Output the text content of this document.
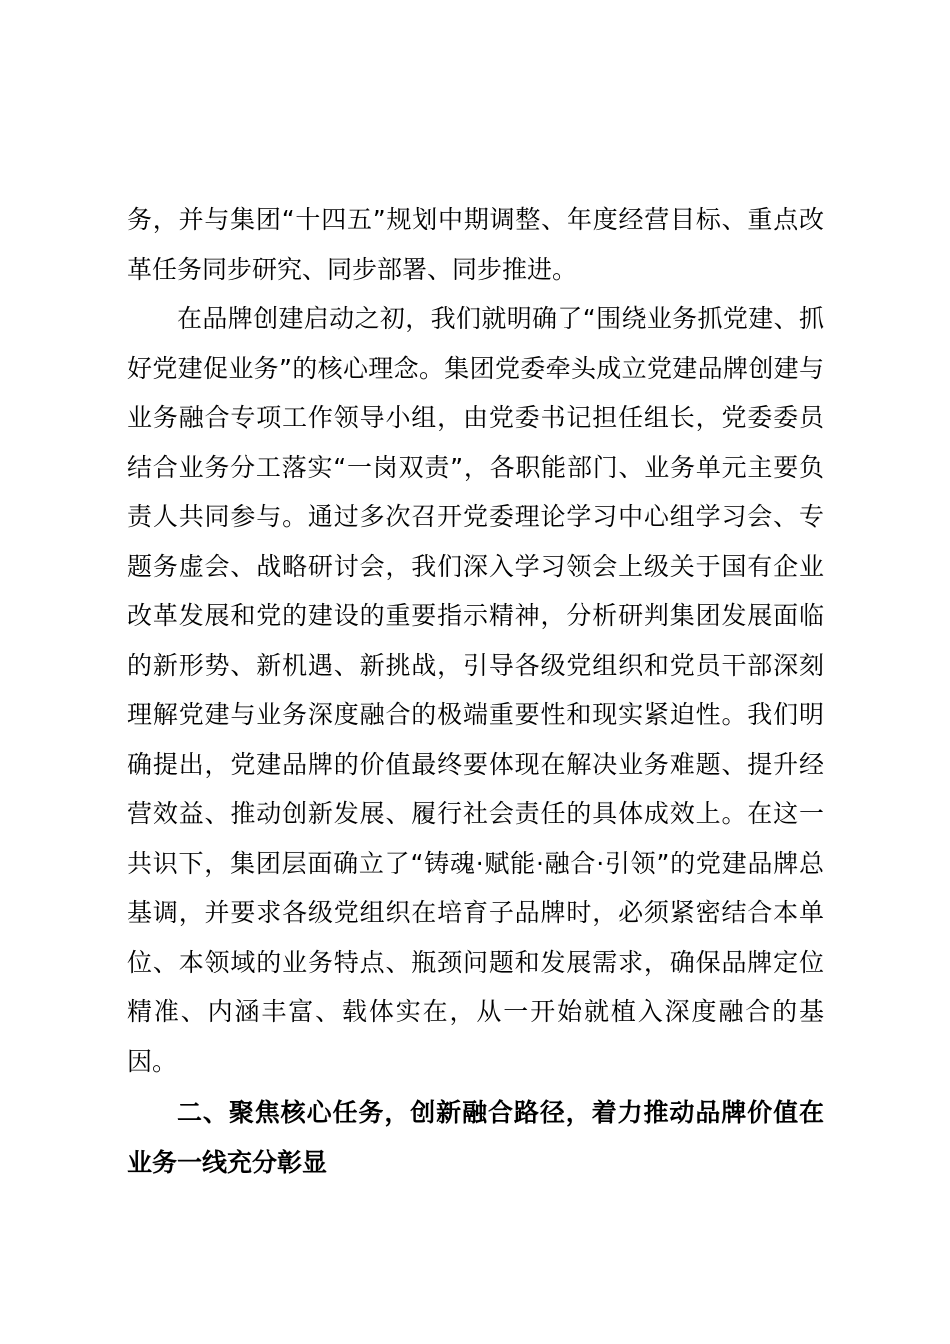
务，并与集团“十四五”规划中期调整、年度经营目标、重点改革任务同步研究、同步部署、同步推进。

在品牌创建启动之初，我们就明确了“围绕业务抓党建、抓好党建促业务”的核心理念。集团党委牵头成立党建品牌创建与业务融合专项工作领导小组，由党委书记担任组长，党委委员结合业务分工落实“一岗双责”，各职能部门、业务单元主要负责人共同参与。通过多次召开党委理论学习中心组学习会、专题务虚会、战略研讨会，我们深入学习领会上级关于国有企业改革发展和党的建设的重要指示精神，分析研判集团发展面临的新形势、新机遇、新挑战，引导各级党组织和党员干部深刻理解党建与业务深度融合的极端重要性和现实紧迫性。我们明确提出，党建品牌的价值最终要体现在解决业务难题、提升经营效益、推动创新发展、履行社会责任的具体成效上。在这一共识下，集团层面确立了“铸魂·赋能·融合·引领”的党建品牌总基调，并要求各级党组织在培育子品牌时，必须紧密结合本单位、本领域的业务特点、瓶颈问题和发展需求，确保品牌定位精准、内涵丰富、载体实在，从一开始就植入深度融合的基因。

二、聚焦核心任务，创新融合路径，着力推动品牌价值在业务一线充分彰显
